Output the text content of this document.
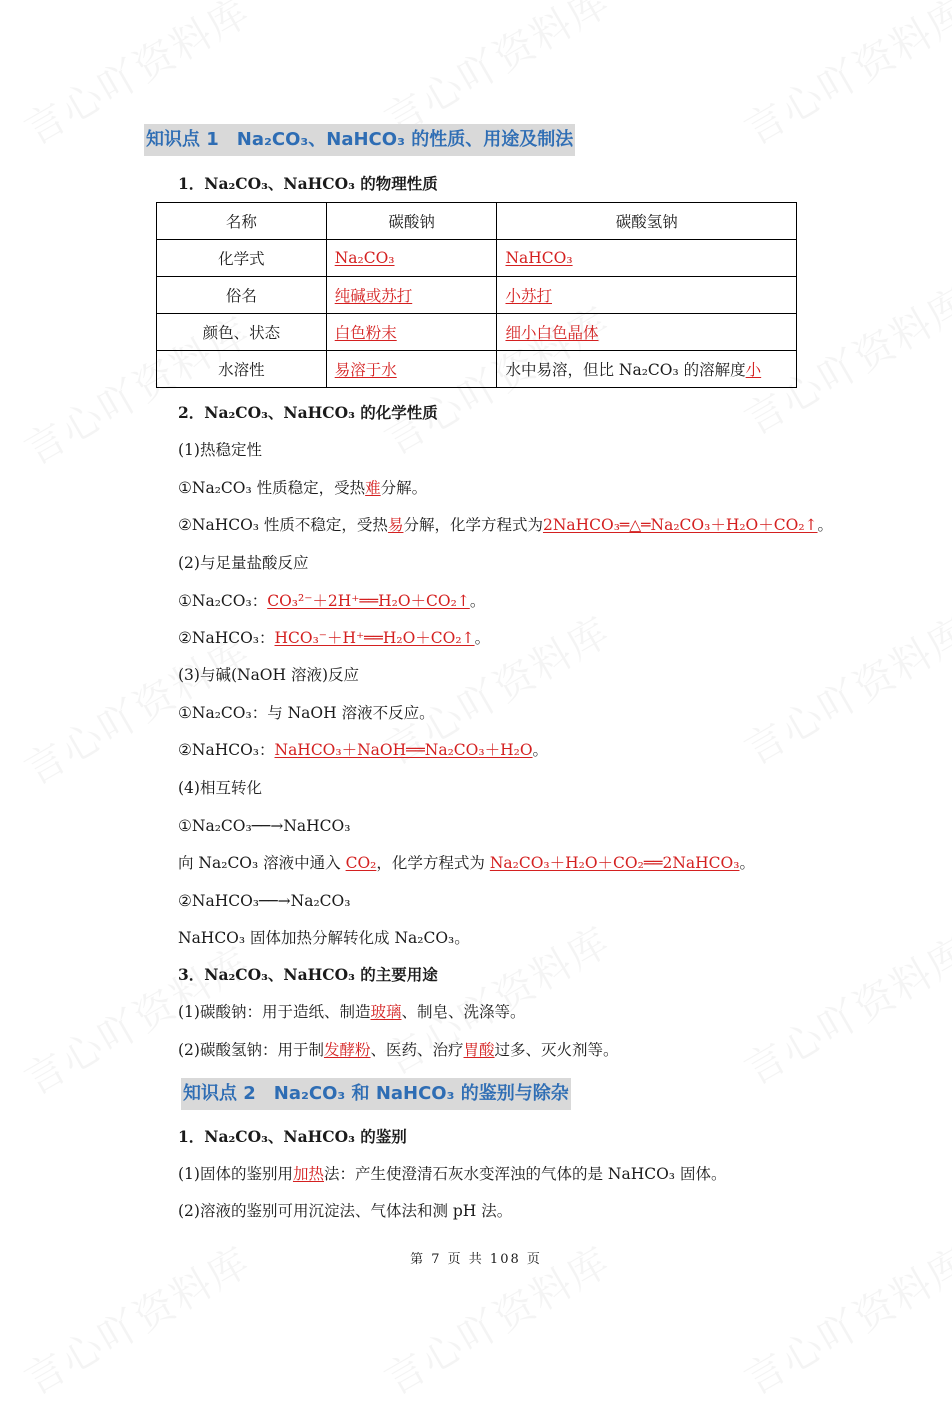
知识点 1　Na₂CO₃、NaHCO₃ 的性质、用途及制法
1．Na₂CO₃、NaHCO₃ 的物理性质
名称	碳酸钠	碳酸氢钠
化学式	Na₂CO₃	NaHCO₃
俗名	纯碱或苏打	小苏打
颜色、状态	白色粉末	细小白色晶体
水溶性	易溶于水	水中易溶，但比 Na₂CO₃ 的溶解度小
2．Na₂CO₃、NaHCO₃ 的化学性质
(1)热稳定性
①Na₂CO₃ 性质稳定，受热难分解。
②NaHCO₃ 性质不稳定，受热易分解，化学方程式为2NaHCO₃═△═Na₂CO₃＋H₂O＋CO₂↑。
(2)与足量盐酸反应
①Na₂CO₃：CO₃²⁻＋2H⁺══H₂O＋CO₂↑。
②NaHCO₃：HCO₃⁻＋H⁺══H₂O＋CO₂↑。
(3)与碱(NaOH 溶液)反应
①Na₂CO₃：与 NaOH 溶液不反应。
②NaHCO₃：NaHCO₃＋NaOH══Na₂CO₃＋H₂O。
(4)相互转化
①Na₂CO₃──→NaHCO₃
向 Na₂CO₃ 溶液中通入 CO₂，化学方程式为 Na₂CO₃＋H₂O＋CO₂══2NaHCO₃。
②NaHCO₃──→Na₂CO₃
NaHCO₃ 固体加热分解转化成 Na₂CO₃。
3．Na₂CO₃、NaHCO₃ 的主要用途
(1)碳酸钠：用于造纸、制造玻璃、制皂、洗涤等。
(2)碳酸氢钠：用于制发酵粉、医药、治疗胃酸过多、灭火剂等。
知识点 2　Na₂CO₃ 和 NaHCO₃ 的鉴别与除杂
1．Na₂CO₃、NaHCO₃ 的鉴别
(1)固体的鉴别用加热法：产生使澄清石灰水变浑浊的气体的是 NaHCO₃ 固体。
(2)溶液的鉴别可用沉淀法、气体法和测 pH 法。
第 7 页 共 108 页
